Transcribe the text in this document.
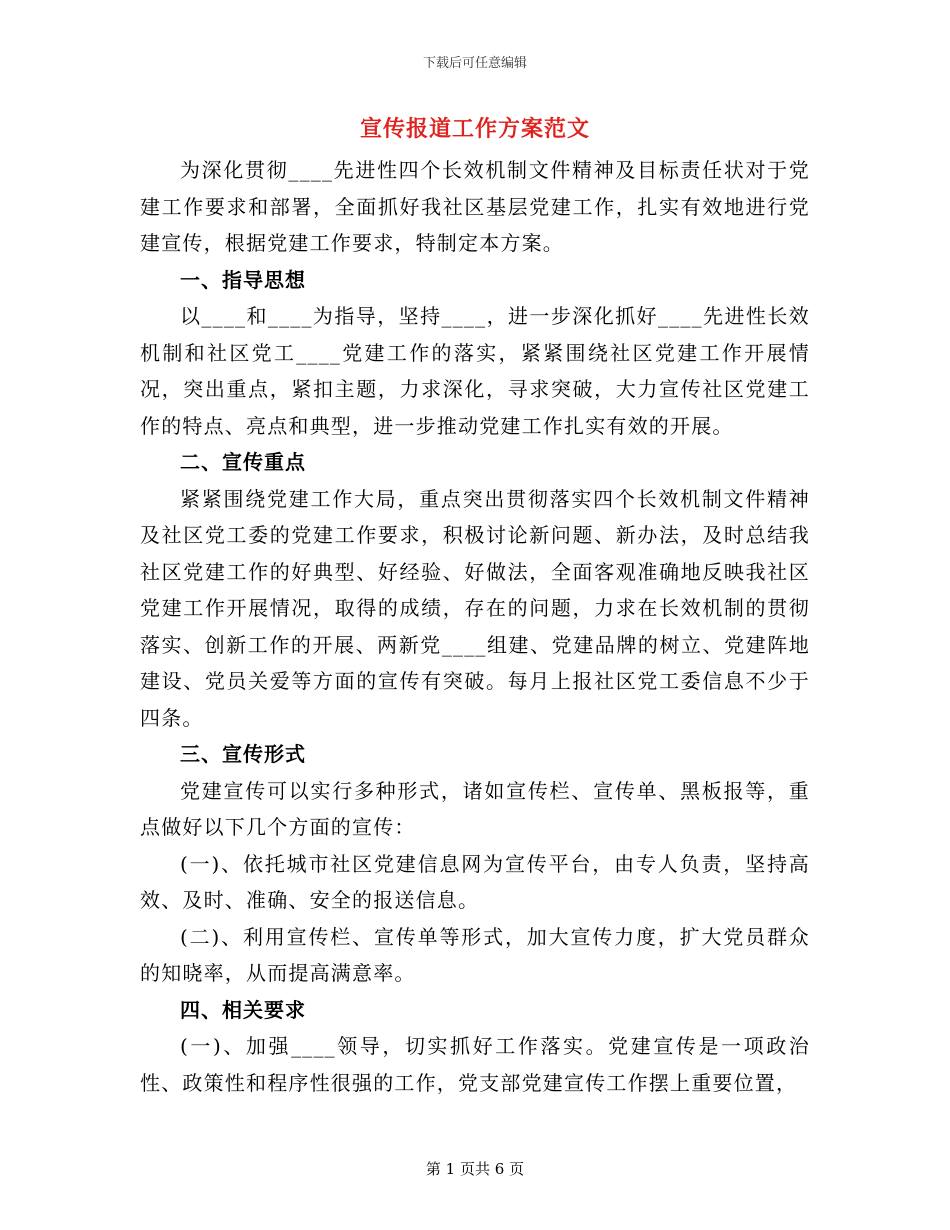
下载后可任意编辑
宣传报道工作方案范文

为深化贯彻____先进性四个长效机制文件精神及目标责任状对于党建工作要求和部署，全面抓好我社区基层党建工作，扎实有效地进行党建宣传，根据党建工作要求，特制定本方案。

一、指导思想

以____和____为指导，坚持____，进一步深化抓好____先进性长效机制和社区党工____党建工作的落实，紧紧围绕社区党建工作开展情况，突出重点，紧扣主题，力求深化，寻求突破，大力宣传社区党建工作的特点、亮点和典型，进一步推动党建工作扎实有效的开展。

二、宣传重点

紧紧围绕党建工作大局，重点突出贯彻落实四个长效机制文件精神及社区党工委的党建工作要求，积极讨论新问题、新办法，及时总结我社区党建工作的好典型、好经验、好做法，全面客观准确地反映我社区党建工作开展情况，取得的成绩，存在的问题，力求在长效机制的贯彻落实、创新工作的开展、两新党____组建、党建品牌的树立、党建阵地建设、党员关爱等方面的宣传有突破。每月上报社区党工委信息不少于四条。

三、宣传形式

党建宣传可以实行多种形式，诸如宣传栏、宣传单、黑板报等，重点做好以下几个方面的宣传：

(一)、依托城市社区党建信息网为宣传平台，由专人负责，坚持高效、及时、准确、安全的报送信息。

(二)、利用宣传栏、宣传单等形式，加大宣传力度，扩大党员群众的知晓率，从而提高满意率。

四、相关要求

(一)、加强____领导，切实抓好工作落实。党建宣传是一项政治性、政策性和程序性很强的工作，党支部党建宣传工作摆上重要位置，

第 1 页共 6 页
